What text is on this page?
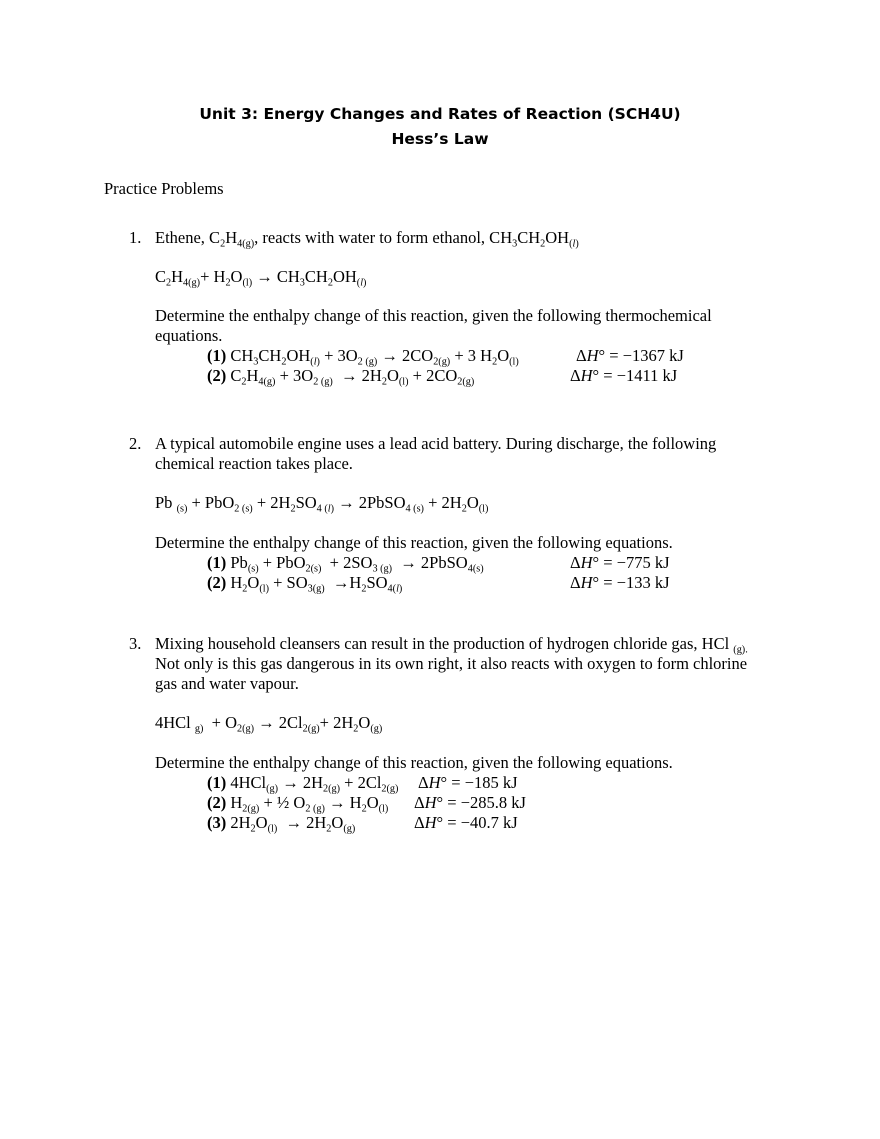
Unit 3: Energy Changes and Rates of Reaction (SCH4U)
Hess’s Law
Practice Problems
1. Ethene, $C_2H_{4(g)}$, reacts with water to form ethanol, $CH_3CH_2OH_{(l)}$
$C_2H_{4(g)}+ H_2O_{(l)} \to CH_3CH_2OH_{(l)}$
Determine the enthalpy change of this reaction, given the following thermochemical
equations.
(1) $CH_3CH_2OH_{(l)} + 3O_{2 (g)} \to 2CO_{2(g)} + 3$ $H_2O_{(l)}$	ΔH° = −1367 kJ
(2) $C_2H_{4(g)} + 3O_{2 (g)} \to 2H_2O_{(l)} + 2CO_{2(g)}$	ΔH° = −1411 kJ
2. A typical automobile engine uses a lead acid battery. During discharge, the following
chemical reaction takes place.
Pb $_{(s)} + PbO_{2 (s)} + 2H_2SO_{4 (l)}$ → 2PbSO$_{4 (s)}$ + $2H_2O_{(l)}$
Determine the enthalpy change of this reaction, given the following equations.
(1) $Pb_{(s)} + PbO_{2(s)} + 2SO_{3 (g)}$  → 2PbSO$_{4(s)}$	ΔH° = −775 kJ
(2) $H_2O_{(l)} + SO_{3(g)} \to H_2SO_{4(l)}$	ΔH° = −133 kJ
3. Mixing household cleansers can result in the production of hydrogen chloride gas, HCl $_{(g).}$
Not only is this gas dangerous in its own right, it also reacts with oxygen to form chlorine
gas and water vapour.
4HCl $_{g)} + O_{2(g)} \to 2Cl_{2(g)}+ 2H_2O_{(g)}$
Determine the enthalpy change of this reaction, given the following equations.
(1) $4HCl_{(g)} \to 2H_{2(g)} + 2Cl_{2(g)}$ ΔH° = −185 kJ
(2) $H_{2(g)}$ + ½ $O_{2 (g)} \to H_2O_{(l)}$ ΔH° = −285.8 kJ
(3) $2H_2O_{(l)} \to 2H_2O_{(g)}$	ΔH° = −40.7 kJ
